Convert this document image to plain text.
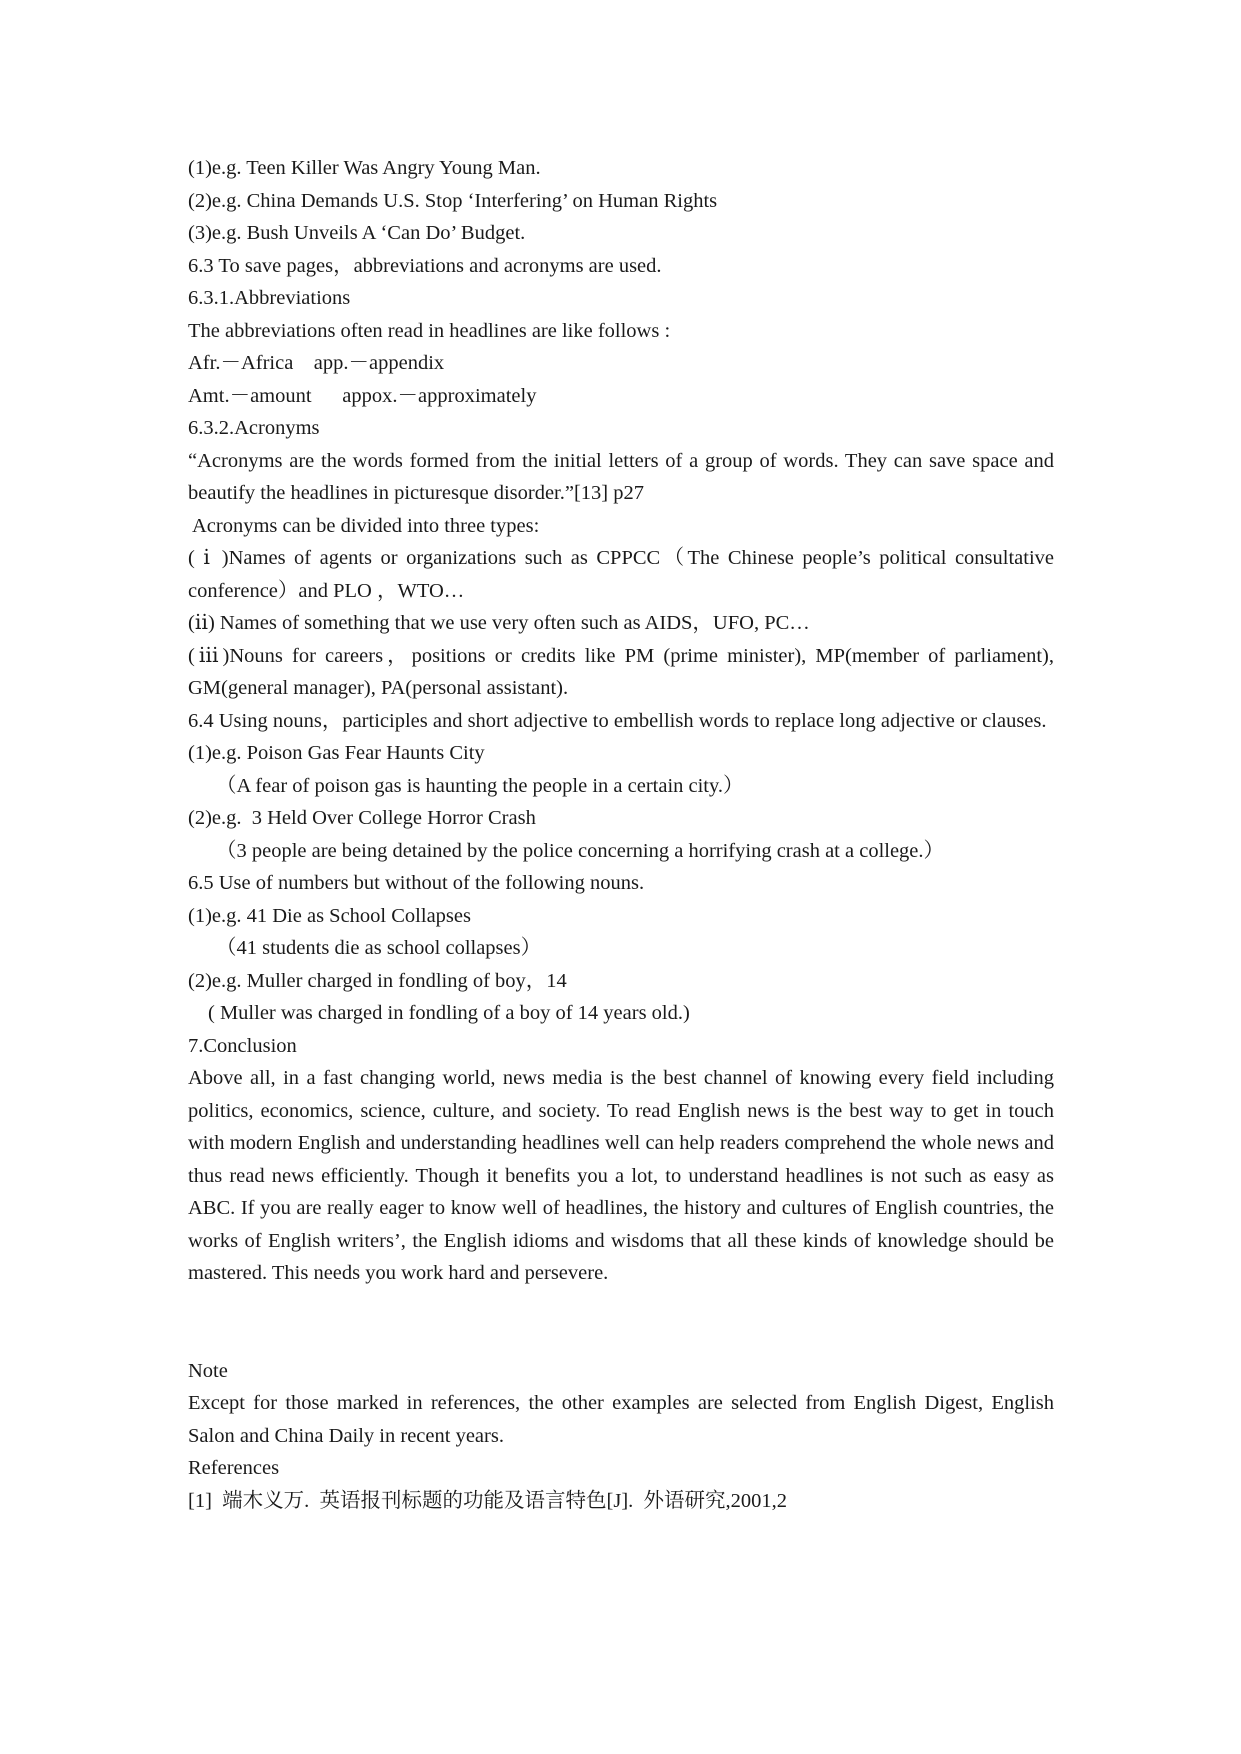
(1)e.g. Teen Killer Was Angry Young Man.
(2)e.g. China Demands U.S. Stop ‘Interfering’ on Human Rights
(3)e.g. Bush Unveils A ‘Can Do’ Budget.
6.3 To save pages，abbreviations and acronyms are used.
6.3.1.Abbreviations
The abbreviations often read in headlines are like follows :
Afr.－Africa    app.－appendix
Amt.－amount      appox.－approximately
6.3.2.Acronyms
“Acronyms are the words formed from the initial letters of a group of words. They can save space and beautify the headlines in picturesque disorder.”[13] p27
Acronyms can be divided into three types:
( ⅰ )Names of agents or organizations such as CPPCC（The Chinese people’s political consultative conference）and PLO ，WTO…
(ⅱ) Names of something that we use very often such as AIDS，UFO, PC…
(ⅲ)Nouns for careers，positions or credits like PM (prime minister), MP(member of parliament), GM(general manager), PA(personal assistant).
6.4 Using nouns，participles and short adjective to embellish words to replace long adjective or clauses.
(1)e.g. Poison Gas Fear Haunts City
（A fear of poison gas is haunting the people in a certain city.）
(2)e.g.  3 Held Over College Horror Crash
（3 people are being detained by the police concerning a horrifying crash at a college.）
6.5 Use of numbers but without of the following nouns.
(1)e.g. 41 Die as School Collapses
（41 students die as school collapses）
(2)e.g. Muller charged in fondling of boy，14
( Muller was charged in fondling of a boy of 14 years old.)
7.Conclusion
Above all, in a fast changing world, news media is the best channel of knowing every field including politics, economics, science, culture, and society. To read English news is the best way to get in touch with modern English and understanding headlines well can help readers comprehend the whole news and thus read news efficiently. Though it benefits you a lot, to understand headlines is not such as easy as ABC. If you are really eager to know well of headlines, the history and cultures of English countries, the works of English writers’, the English idioms and wisdoms that all these kinds of knowledge should be mastered. This needs you work hard and persevere.
Note
Except for those marked in references, the other examples are selected from English Digest, English Salon and China Daily in recent years.
References
[1]  端木义万.  英语报刊标题的功能及语言特色[J].  外语研究,2001,2
